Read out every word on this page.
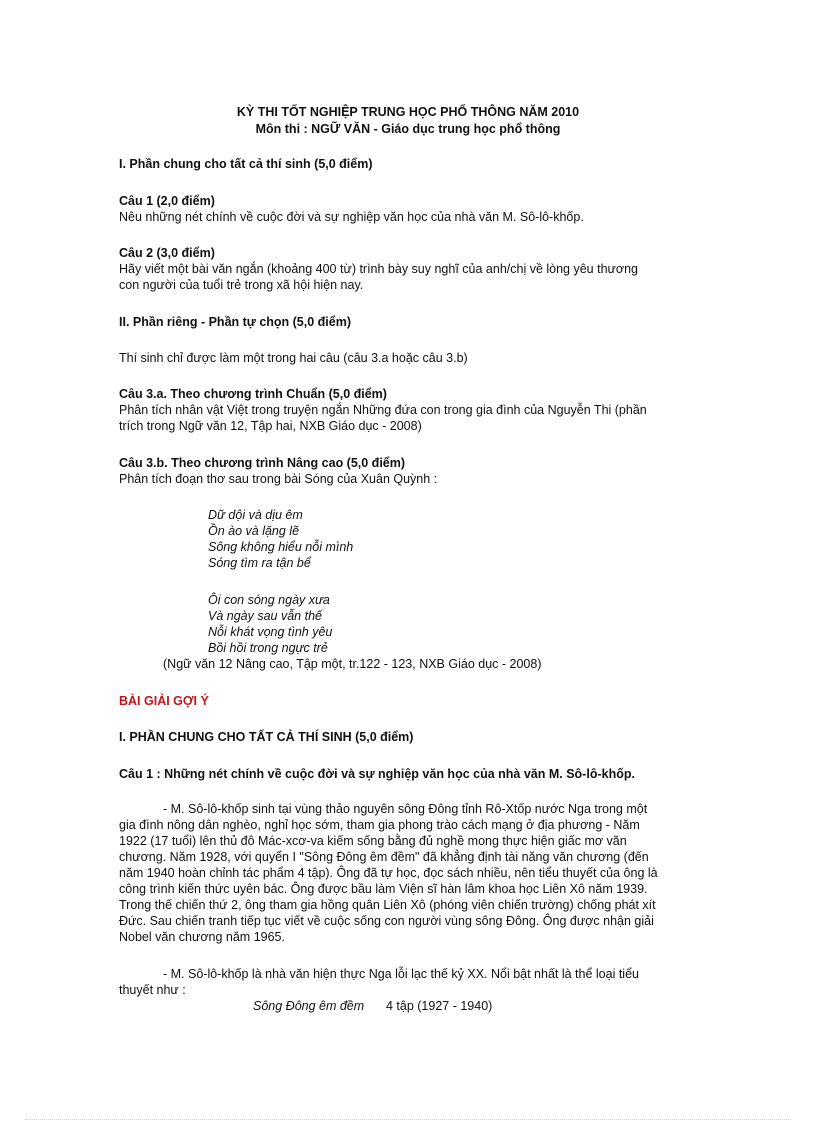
KỲ THI TỐT NGHIỆP TRUNG HỌC PHỔ THÔNG NĂM 2010
Môn thi : NGỮ VĂN - Giáo dục trung học phổ thông
I. Phần chung cho tất cả thí sinh (5,0 điểm)
Câu 1 (2,0 điểm)
Nêu những nét chính về cuộc đời và sự nghiệp văn học của nhà văn M. Sô-lô-khốp.
Câu 2 (3,0 điểm)
Hãy viết một bài văn ngắn (khoảng 400 từ) trình bày suy nghĩ của anh/chị về lòng yêu thương
con người của tuổi trẻ trong xã hội hiện nay.
II. Phần riêng - Phần tự chọn (5,0 điểm)
Thí sinh chỉ được làm một trong hai câu (câu 3.a hoặc câu 3.b)
Câu 3.a. Theo chương trình Chuẩn (5,0 điểm)
Phân tích nhân vật Việt trong truyện ngắn Những đứa con trong gia đình của Nguyễn Thi (phần
trích trong Ngữ văn 12, Tập hai, NXB Giáo dục - 2008)
Câu 3.b. Theo chương trình Nâng cao (5,0 điểm)
Phân tích đoạn thơ sau trong bài Sóng của Xuân Quỳnh :
Dữ dội và dịu êm
Ồn ào và lặng lẽ
Sông không hiểu nỗi mình
Sóng tìm ra tận bể
Ôi con sóng ngày xưa
Và ngày sau vẫn thế
Nỗi khát vọng tình yêu
Bồi hồi trong ngực trẻ
(Ngữ văn 12 Nâng cao, Tập một, tr.122 - 123, NXB Giáo dục - 2008)
BÀI GIẢI GỢI Ý
I. PHẦN CHUNG CHO TẤT CẢ THÍ SINH (5,0 điểm)
Câu 1 : Những nét chính về cuộc đời và sự nghiệp văn học của nhà văn M. Sô-lô-khốp.
- M. Sô-lô-khốp sinh tại vùng thảo nguyên sông Đông tỉnh Rô-Xtốp nước Nga trong một
gia đình nông dân nghèo, nghỉ học sớm, tham gia phong trào cách mạng ở địa phương - Năm
1922 (17 tuổi) lên thủ đô Mác-xcơ-va kiếm sống bằng đủ nghề mong thực hiện giấc mơ văn
chương. Năm 1928, với quyển I "Sông Đông êm đềm" đã khẳng định tài năng văn chương (đến
năm 1940 hoàn chỉnh tác phẩm 4 tập). Ông đã tự học, đọc sách nhiều, nên tiểu thuyết của ông là
công trình kiến thức uyên bác. Ông được bầu làm Viện sĩ hàn lâm khoa học Liên Xô năm 1939.
Trong thế chiến thứ 2, ông tham gia hồng quân Liên Xô (phóng viên chiến trường) chống phát xít
Đức. Sau chiến tranh tiếp tục viết về cuộc sống con người vùng sông Đông. Ông được nhận giải
Nobel văn chương năm 1965.
- M. Sô-lô-khốp là nhà văn hiện thực Nga lỗi lạc thế kỷ XX. Nổi bật nhất là thể loại tiểu
thuyết như :
Sông Đông êm đềm 4 tập (1927 - 1940)
